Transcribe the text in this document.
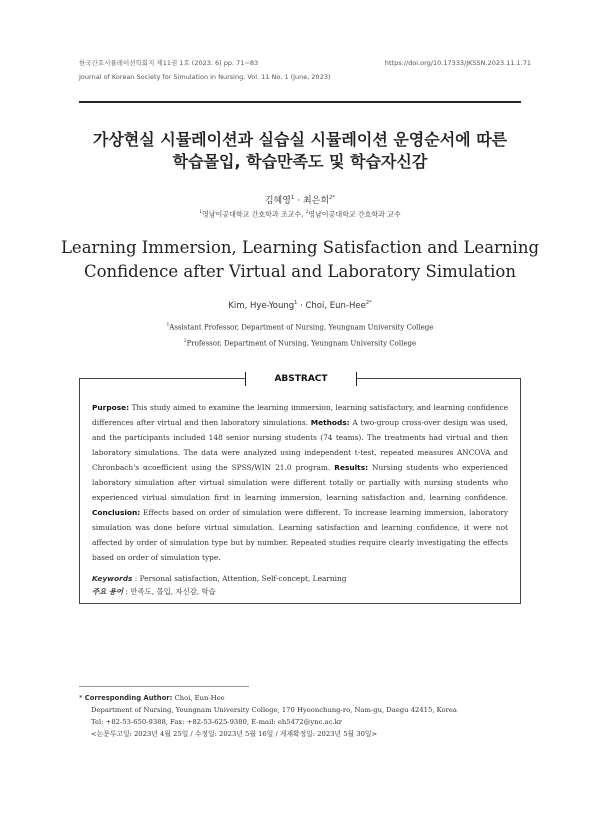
한국간호시뮬레이션학회지 제11권 1호 (2023. 6) pp. 71~83
Journal of Korean Society for Simulation in Nursing, Vol. 11 No. 1 (June, 2023)
https://doi.org/10.17333/JKSSN.2023.11.1.71
가상현실 시뮬레이션과 실습실 시뮬레이션 운영순서에 따른
학습몰입, 학습만족도 및 학습자신감
김혜영$^1$ · 최은희$^{2*}$
$^1$영남이공대학교 간호학과 조교수, $^2$영남이공대학교 간호학과 교수
Learning Immersion, Learning Satisfaction and Learning
Confidence after Virtual and Laboratory Simulation
Kim, Hye-Young$^1$ · Choi, Eun-Hee$^{2*}$
$^1$Assistant Professor, Department of Nursing, Yeungnam University College
$^2$Professor, Department of Nursing, Yeungnam University College
ABSTRACT
Purpose: This study aimed to examine the learning immersion, learning satisfactory, and learning confidence differences after virtual and then laboratory simulations. Methods: A two-group cross-over design was used, and the participants included 148 senior nursing students (74 teams). The treatments had virtual and then laboratory simulations. The data were analyzed using independent t-test, repeated measures ANCOVA and Chronbach's αcoefficient using the SPSS/WIN 21.0 program. Results: Nursing students who experienced laboratory simulation after virtual simulation were different totally or partially with nursing students who experienced virtual simulation first in learning immersion, learning satisfaction and, learning confidence. Conclusion: Effects based on order of simulation were different. To increase learning immersion, laboratory simulation was done before virtual simulation. Learning satisfaction and learning confidence, it were not affected by order of simulation type but by number. Repeated studies require clearly investigating the effects based on order of simulation type.
Keywords : Personal satisfaction, Attention, Self-concept, Learning
주요 용어 : 만족도, 몰입, 자신감, 학습
* Corresponding Author: Choi, Eun-Hee
Department of Nursing, Yeungnam University College, 170 Hyeonchung-ro, Nam-gu, Daegu 42415, Korea
Tel: +82-53-650-9388, Fax: +82-53-625-9380, E-mail: eh5472@ync.ac.kr
<논문투고일: 2023년 4월 25일 / 수정일: 2023년 5월 16일 / 게재확정일: 2023년 5월 30일>
